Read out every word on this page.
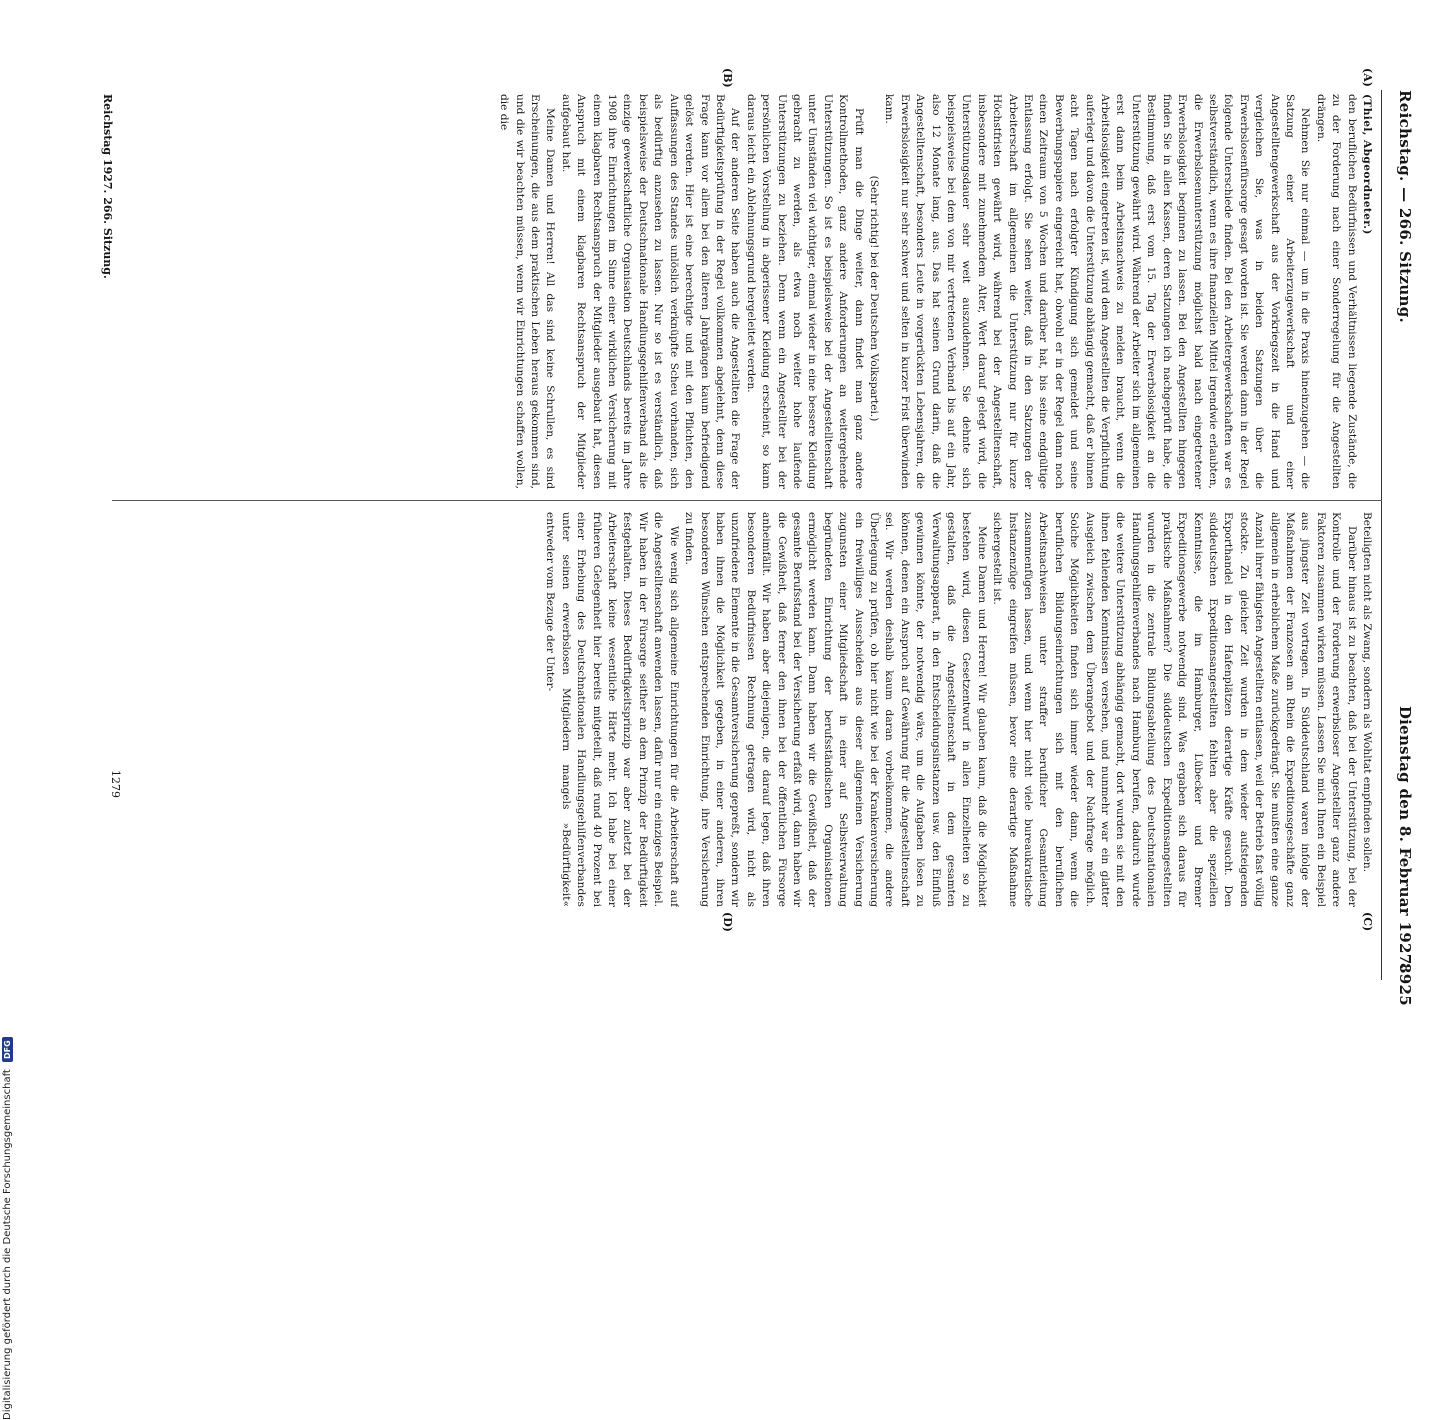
Reichstag. — 266. Sitzung.
Dienstag den 8. Februar 1927.
8925
(A)
(B)
(C)
(D)

(Thiel, Abgeordneter.)

den beruflichen Bedürfnissen und Verhältnissen liegende Zustände, die zu der Forderung nach einer Sonderregelung für die Angestellten drängen.

Nehmen Sie nur einmal — um in die Praxis hineinzugehen — die Satzung einer Arbeiterzugewerkschaft und einer Angestelltengewerkschaft aus der Vorkriegszeit in die Hand und vergleichen Sie, was in beiden Satzungen über die Erwerbslosenfürsorge gesagt worden ist. Sie werden dann in der Regel folgende Unterschiede finden. Bei den Arbeitergewerkschaften war es selbstverständlich, wenn es ihre finanziellen Mittel irgendwie erlaubten, die Erwerbslosenunterstützung möglichst bald nach eingetretener Erwerbslosigkeit beginnen zu lassen. Bei den Angestellten hingegen finden Sie in allen Kassen, deren Satzungen ich nachgeprüft habe, die Bestimmung, daß erst vom 15. Tag der Erwerbslosigkeit an die Unterstützung gewährt wird. Während der Arbeiter sich im allgemeinen erst dann beim Arbeitsnachweis zu melden braucht, wenn die Arbeitslosigkeit eingetreten ist, wird dem Angestellten die Verpflichtung auferlegt und davon die Unterstützung abhängig gemacht, daß er binnen acht Tagen nach erfolgter Kündigung sich gemeldet und seine Bewerbungspapiere eingereicht hat, obwohl er in der Regel dann noch einen Zeitraum von 5 Wochen und darüber hat, bis seine endgültige Entlassung erfolgt. Sie sehen weiter, daß in den Satzungen der Arbeiterschaft im allgemeinen die Unterstützung nur für kurze Höchstfristen gewährt wird, während bei der Angestelltenschaft, insbesondere mit zunehmendem Alter, Wert darauf gelegt wird, die Unterstützungsdauer sehr weit auszudehnen. Sie dehnte sich beispielsweise bei dem von mir vertretenen Verband bis auf ein Jahr, also 12 Monate lang, aus. Das hat seinen Grund darin, daß die Angestelltenschaft, besonders Leute in vorgerückten Lebensjahren, die Erwerbslosigkeit nur sehr schwer und selten in kurzer Frist überwinden kann.

(Sehr richtig! bei der Deutschen Volkspartei.)

Prüft man die Dinge weiter, dann findet man ganz andere Kontrollmethoden, ganz andere Anforderungen an weitergehende Unterstützungen. So ist es beispielsweise bei der Angestelltenschaft unter Umständen viel wichtiger, einmal wieder in eine bessere Kleidung gebracht zu werden, als etwa noch weiter hohe laufende Unterstützungen zu beziehen. Denn wenn ein Angestellter bei der persönlichen Vorstellung in abgerissener Kleidung erscheint, so kann daraus leicht ein Ablehnungsgrund hergeleitet werden.

Auf der anderen Seite haben auch die Angestellten die Frage der Bedürftigkeitsprüfung in der Regel vollkommen abgelehnt, denn diese Frage kann vor allem bei den älteren Jahrgängen kaum befriedigend gelöst werden. Hier ist eine berechtigte und mit den Pflichten, den Auffassungen des Standes unlöslich verknüpfte Scheu vorhanden, sich als bedürftig anzusehen zu lassen. Nur so ist es verständlich, daß beispielsweise der Deutschnationale Handlungsgehilfenverband als die einzige gewerkschaftliche Organisation Deutschlands bereits im Jahre 1908 ihre Einrichtungen im Sinne einer wirklichen Versicherung mit einem klagbaren Rechtsanspruch der Mitglieder ausgebaut hat, diesen Anspruch mit einem klagbaren Rechtsanspruch der Mitglieder aufgebaut hat.

Meine Damen und Herren! All das sind keine Schrullen, es sind Erscheinungen, die aus dem praktischen Leben heraus gekommen sind, und die wir beachten müssen, wenn wir Einrichtungen schaffen wollen, die die

Beteiligten nicht als Zwang, sondern als Wohltat empfinden sollen.

Darüber hinaus ist zu beachten, daß bei der Unterstützung, bei der Kontrolle und der Forderung erwerbsloser Angestellter ganz andere Faktoren zusammen wirken müssen. Lassen Sie mich Ihnen ein Beispiel aus jüngster Zeit vortragen. In Süddeutschland waren infolge der Maßnahmen der Franzosen am Rhein die Expeditionsgeschäfte ganz allgemein in erheblichem Maße zurückgedrängt. Sie mußten eine ganze Anzahl ihrer fähigsten Angestellten entlassen, weil der Betrieb fast völlig stockte. Zu gleicher Zeit wurden in dem wieder aufsteigenden Exporthandel in den Hafenplätzen derartige Kräfte gesucht. Den süddeutschen Expeditionsangestellten fehlten aber die speziellen Kenntnisse, die im Hamburger, Lübecker und Bremer Expeditionsgewerbe notwendig sind. Was ergaben sich daraus für praktische Maßnahmen? Die süddeutschen Expeditionsangestellten wurden in die zentrale Bildungsabteilung des Deutschnationalen Handlungsgehilfenverbandes nach Hamburg berufen, dadurch wurde die weitere Unterstützung abhängig gemacht, dort wurden sie mit den ihnen fehlenden Kenntnissen versehen, und nunmehr war ein glatter Ausgleich zwischen dem Überangebot und der Nachfrage möglich. Solche Möglichkeiten finden sich immer wieder dann, wenn die beruflichen Bildungseinrichtungen sich mit den beruflichen Arbeitsnachweisen unter straffer beruflicher Gesamtleitung zusammenfügen lassen, und wenn hier nicht viele bureaukratische Instanzenzüge eingreifen müssen, bevor eine derartige Maßnahme sichergestellt ist.

Meine Damen und Herren! Wir glauben kaum, daß die Möglichkeit bestehen wird, diesen Gesetzentwurf in allen Einzelheiten so zu gestalten, daß die Angestelltenschaft in dem gesamten Verwaltungsapparat, in den Entscheidungsinstanzen usw. den Einfluß gewinnen könnte, der notwendig wäre, um die Aufgaben lösen zu können, denen ein Anspruch auf Gewährung für die Angestelltenschaft sei. Wir werden deshalb kaum daran vorbeikommen, die andere Überlegung zu prüfen, ob hier nicht wie bei der Krankenversicherung ein freiwilliges Ausscheiden aus dieser allgemeinen Versicherung zugunsten einer Mitgliedschaft in einer auf Selbstverwaltung begründeten Einrichtung der berufsständischen Organisationen ermöglicht werden kann. Dann haben wir die Gewißheit, daß der gesamte Berufsstand bei der Versicherung erfaßt wird, dann haben wir die Gewißheit, daß ferner den ihnen bei der öffentlichen Fürsorge anheimfällt. Wir haben aber diejenigen, die darauf legen, daß ihren besonderen Bedürfnissen Rechnung getragen wird, nicht als unzufriedene Elemente in die Gesamtversicherung gepreßt, sondern wir haben ihnen die Möglichkeit gegeben, in einer anderen, ihren besonderen Wünschen entsprechenden Einrichtung, ihre Versicherung zu finden.

Wie wenig sich allgemeine Einrichtungen für die Arbeiterschaft auf die Angestelltenschaft anwenden lassen, dafür nur ein einziges Beispiel. Wir haben in der Fürsorge seither an dem Prinzip der Bedürftigkeit festgehalten. Dieses Bedürftigkeitsprinzip war aber zuletzt bei der Arbeiterschaft keine wesentliche Härte mehr. Ich habe bei einer früheren Gelegenheit hier bereits mitgeteilt, daß rund 40 Prozent bei einer Erhebung des Deutschnationalen Handlungsgehilfenverbandes unter seinen erwerbslosen Mitgliedern mangels »Bedürftigkeit« entweder vom Bezuge der Unter-

Reichstag 1927. 266. Sitzung.
1279
Digitalisierung gefördert durch die Deutsche Forschungsgemeinschaft DFG
